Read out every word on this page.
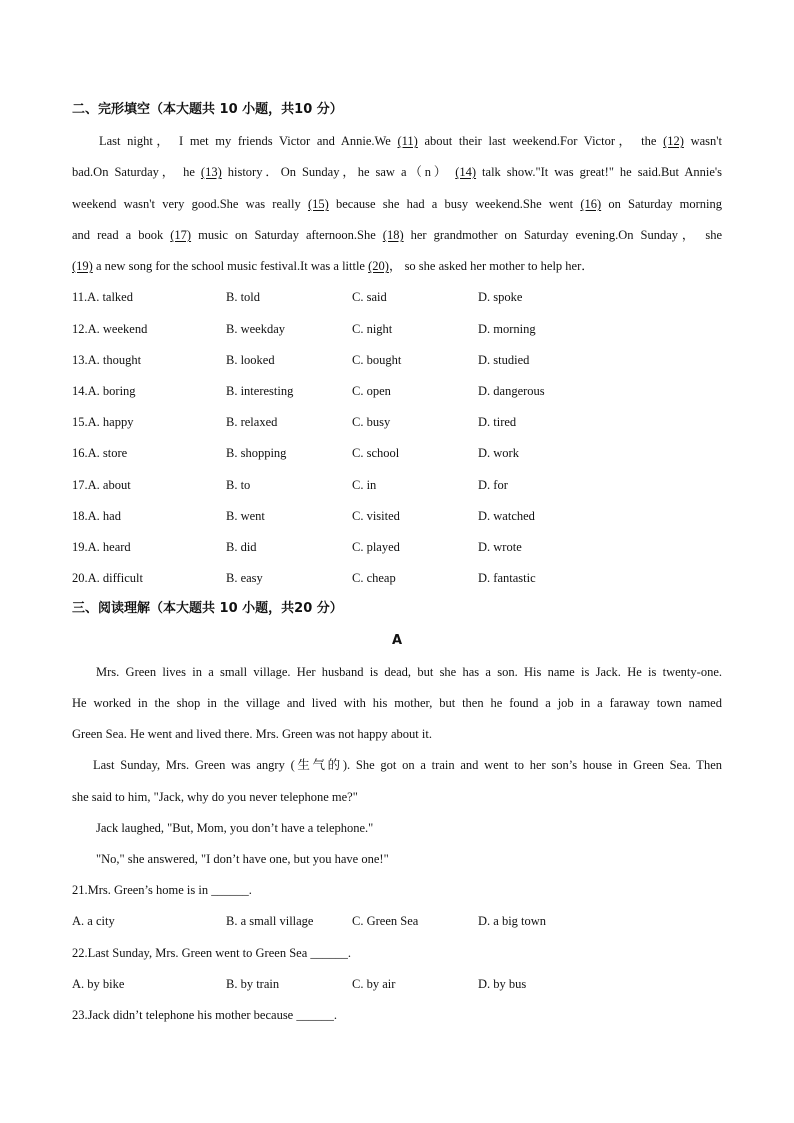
二、完形填空（本大题共 10 小题，共10 分）
Last night， I met my friends Victor and Annie.We (11) about their last weekend.For Victor， the (12) wasn't
bad.On Saturday， he (13) history．On Sunday，he saw a（n） (14) talk show."It was great!" he said.But Annie's
weekend wasn't very good.She was really (15) because she had a busy weekend.She went (16) on Saturday morning
and read a book (17) music on Saturday afternoon.She (18) her grandmother on Saturday evening.On Sunday， she
(19) a new song for the school music festival.It was a little (20)， so she asked her mother to help her．
11.A. talked	B. told	C. said	D. spoke
12.A. weekend	B. weekday	C. night	D. morning
13.A. thought	B. looked	C. bought	D. studied
14.A. boring	B. interesting	C. open	D. dangerous
15.A. happy	B. relaxed	C. busy	D. tired
16.A. store	B. shopping	C. school	D. work
17.A. about	B. to	C. in	D. for
18.A. had	B. went	C. visited	D. watched
19.A. heard	B. did	C. played	D. wrote
20.A. difficult	B. easy	C. cheap	D. fantastic
三、阅读理解（本大题共 10 小题，共20 分）
A
Mrs. Green lives in a small village. Her husband is dead, but she has a son. His name is Jack. He is twenty-one.
He worked in the shop in the village and lived with his mother, but then he found a job in a faraway town named
Green Sea. He went and lived there. Mrs. Green was not happy about it.
Last Sunday, Mrs. Green was angry (生气的). She got on a train and went to her son’s house in Green Sea. Then
she said to him, "Jack, why do you never telephone me?"
Jack laughed, "But, Mom, you don’t have a telephone."
"No," she answered, "I don’t have one, but you have one!"
21.Mrs. Green’s home is in ______.
A. a city	B. a small village	C. Green Sea	D. a big town
22.Last Sunday, Mrs. Green went to Green Sea ______.
A. by bike	B. by train	C. by air	D. by bus
23.Jack didn’t telephone his mother because ______.
